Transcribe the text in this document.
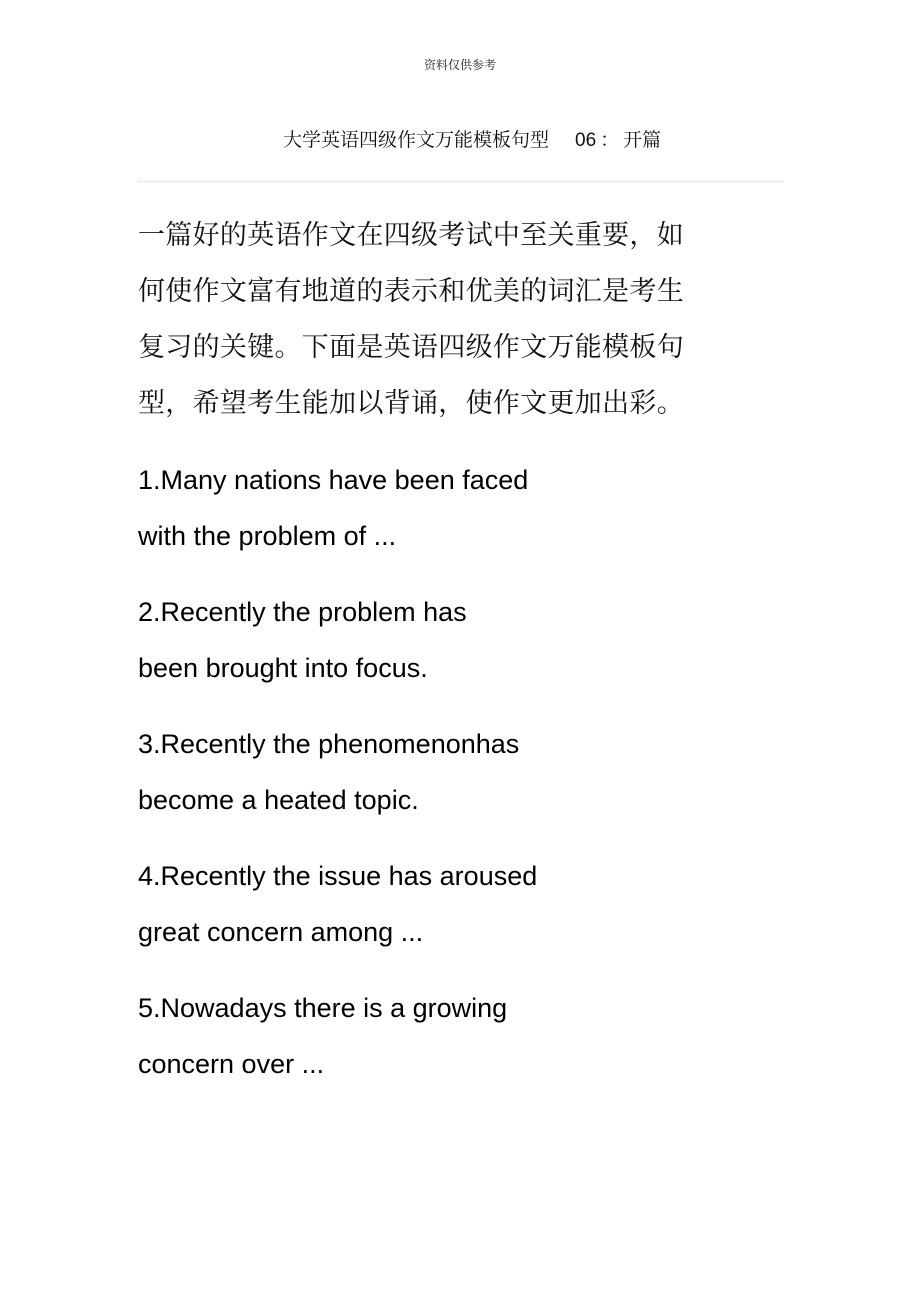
资料仅供参考
大学英语四级作文万能模板句型 06 ： 开篇

一篇好的英语作文在四级考试中至关重要，如
何使作文富有地道的表示和优美的词汇是考生
复习的关键。下面是英语四级作文万能模板句
型，希望考生能加以背诵，使作文更加出彩。

1.Many nations have been faced
with the problem of ...
2.Recently the problem has
been brought into focus.
3.Recently the phenomenonhas
become a heated topic.
4.Recently the issue has aroused
great concern among ...
5.Nowadays there is a growing
concern over ...
